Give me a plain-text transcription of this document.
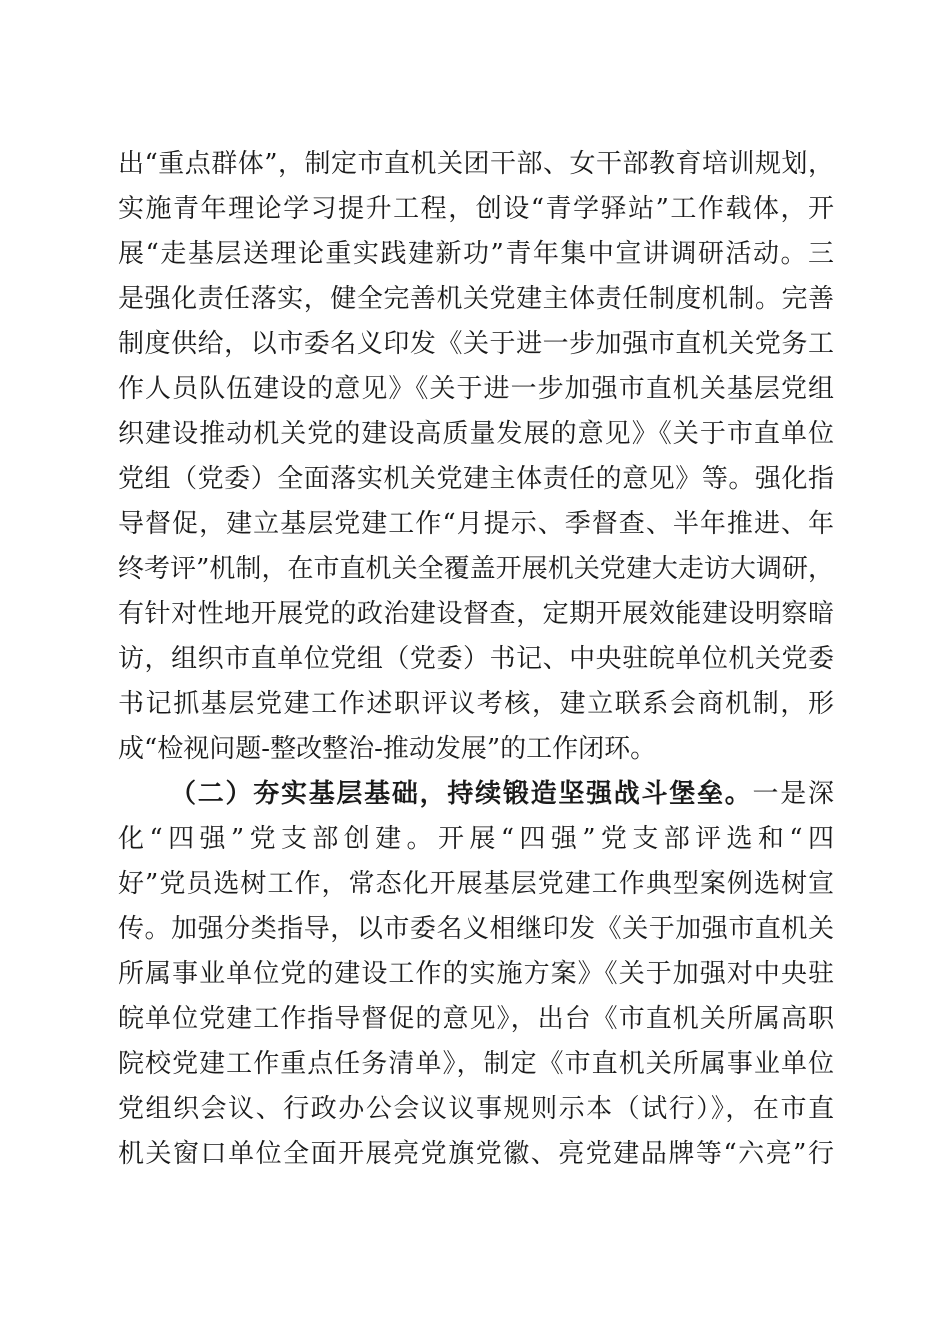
出“重点群体”，制定市直机关团干部、女干部教育培训规划，
实施青年理论学习提升工程，创设“青学驿站”工作载体，开
展“走基层送理论重实践建新功”青年集中宣讲调研活动。三
是强化责任落实，健全完善机关党建主体责任制度机制。完善
制度供给，以市委名义印发《关于进一步加强市直机关党务工
作人员队伍建设的意见》《关于进一步加强市直机关基层党组
织建设推动机关党的建设高质量发展的意见》《关于市直单位
党组（党委）全面落实机关党建主体责任的意见》等。强化指
导督促，建立基层党建工作“月提示、季督查、半年推进、年
终考评”机制，在市直机关全覆盖开展机关党建大走访大调研，
有针对性地开展党的政治建设督查，定期开展效能建设明察暗
访，组织市直单位党组（党委）书记、中央驻皖单位机关党委
书记抓基层党建工作述职评议考核，建立联系会商机制，形
成“检视问题-整改整治-推动发展”的工作闭环。
（二）夯实基层基础，持续锻造坚强战斗堡垒。一是深
化“四强”党支部创建。开展“四强”党支部评选和“四
好”党员选树工作，常态化开展基层党建工作典型案例选树宣
传。加强分类指导，以市委名义相继印发《关于加强市直机关
所属事业单位党的建设工作的实施方案》《关于加强对中央驻
皖单位党建工作指导督促的意见》，出台《市直机关所属高职
院校党建工作重点任务清单》，制定《市直机关所属事业单位
党组织会议、行政办公会议议事规则示本（试行）》，在市直
机关窗口单位全面开展亮党旗党徽、亮党建品牌等“六亮”行
